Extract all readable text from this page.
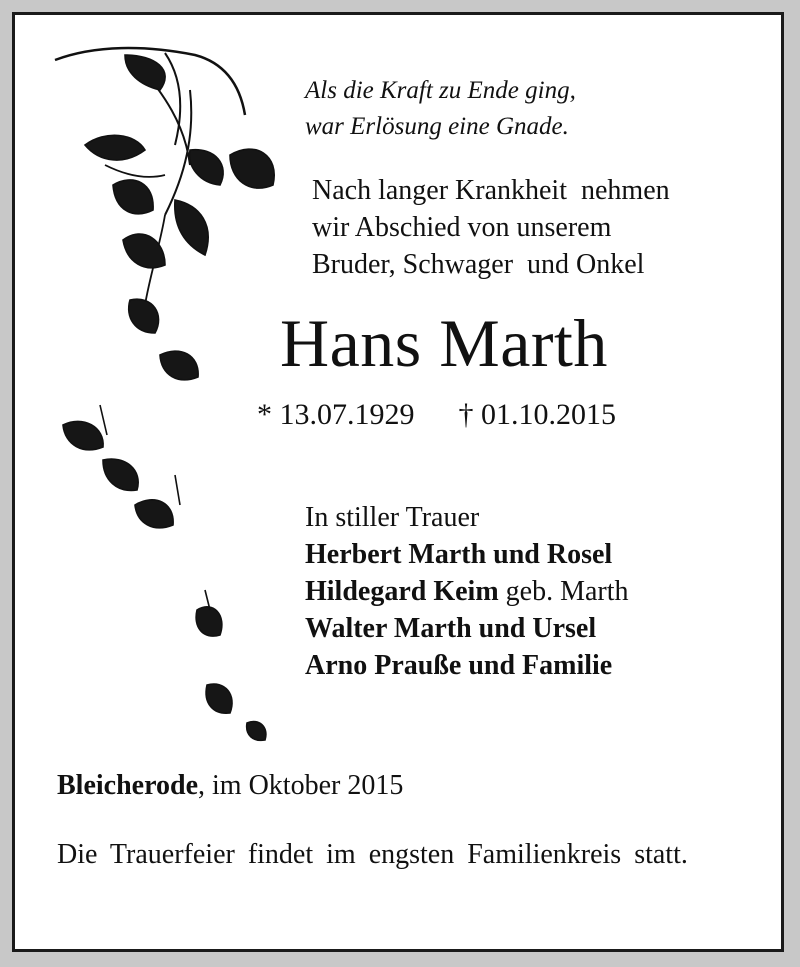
Als die Kraft zu Ende ging,
war Erlösung eine Gnade.
Nach langer Krankheit  nehmen
wir Abschied von unserem
Bruder, Schwager  und Onkel
Hans Marth
* 13.07.1929 † 01.10.2015
In stiller Trauer
Herbert Marth und Rosel
Hildegard Keim geb. Marth
Walter Marth und Ursel
Arno Praußе und Familie
Bleicherode, im Oktober 2015
Die Trauerfeier findet im engsten Familienkreis statt.
